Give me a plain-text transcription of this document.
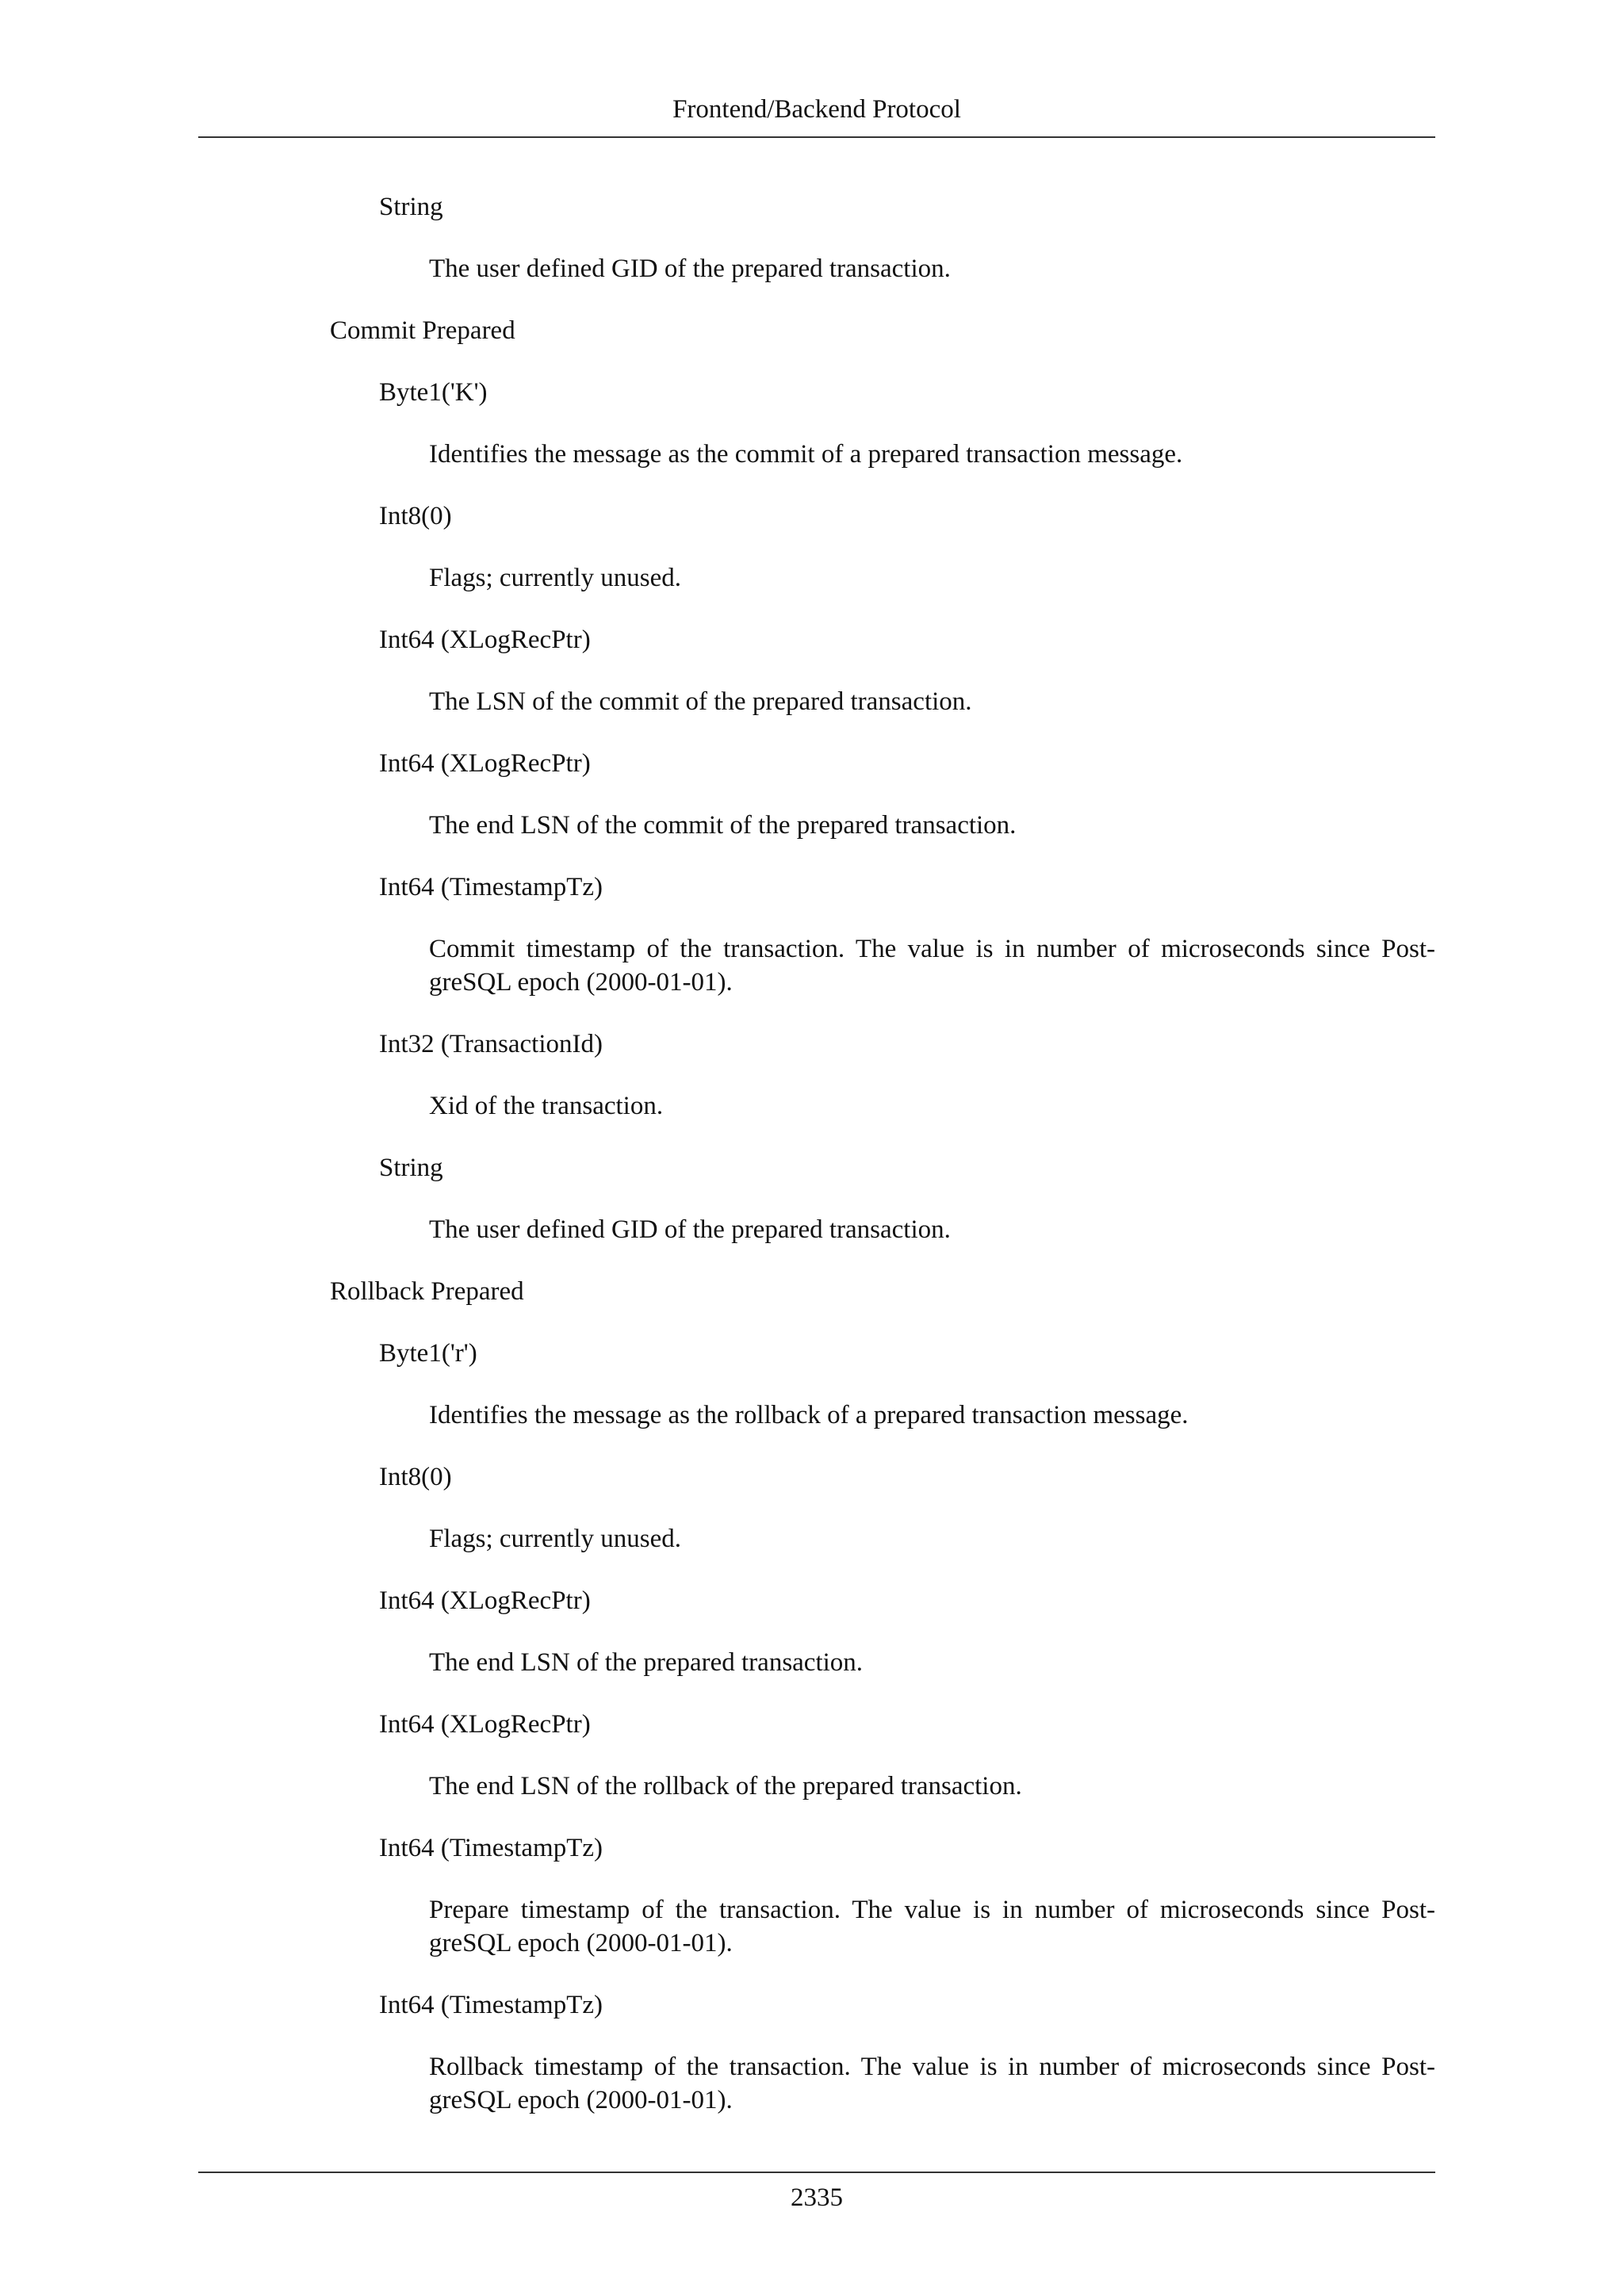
Frontend/Backend Protocol
String
The user defined GID of the prepared transaction.
Commit Prepared
Byte1('K')
Identifies the message as the commit of a prepared transaction message.
Int8(0)
Flags; currently unused.
Int64 (XLogRecPtr)
The LSN of the commit of the prepared transaction.
Int64 (XLogRecPtr)
The end LSN of the commit of the prepared transaction.
Int64 (TimestampTz)
Commit timestamp of the transaction. The value is in number of microseconds since Post-greSQL epoch (2000-01-01).
Int32 (TransactionId)
Xid of the transaction.
String
The user defined GID of the prepared transaction.
Rollback Prepared
Byte1('r')
Identifies the message as the rollback of a prepared transaction message.
Int8(0)
Flags; currently unused.
Int64 (XLogRecPtr)
The end LSN of the prepared transaction.
Int64 (XLogRecPtr)
The end LSN of the rollback of the prepared transaction.
Int64 (TimestampTz)
Prepare timestamp of the transaction. The value is in number of microseconds since Post-greSQL epoch (2000-01-01).
Int64 (TimestampTz)
Rollback timestamp of the transaction. The value is in number of microseconds since Post-greSQL epoch (2000-01-01).
2335
